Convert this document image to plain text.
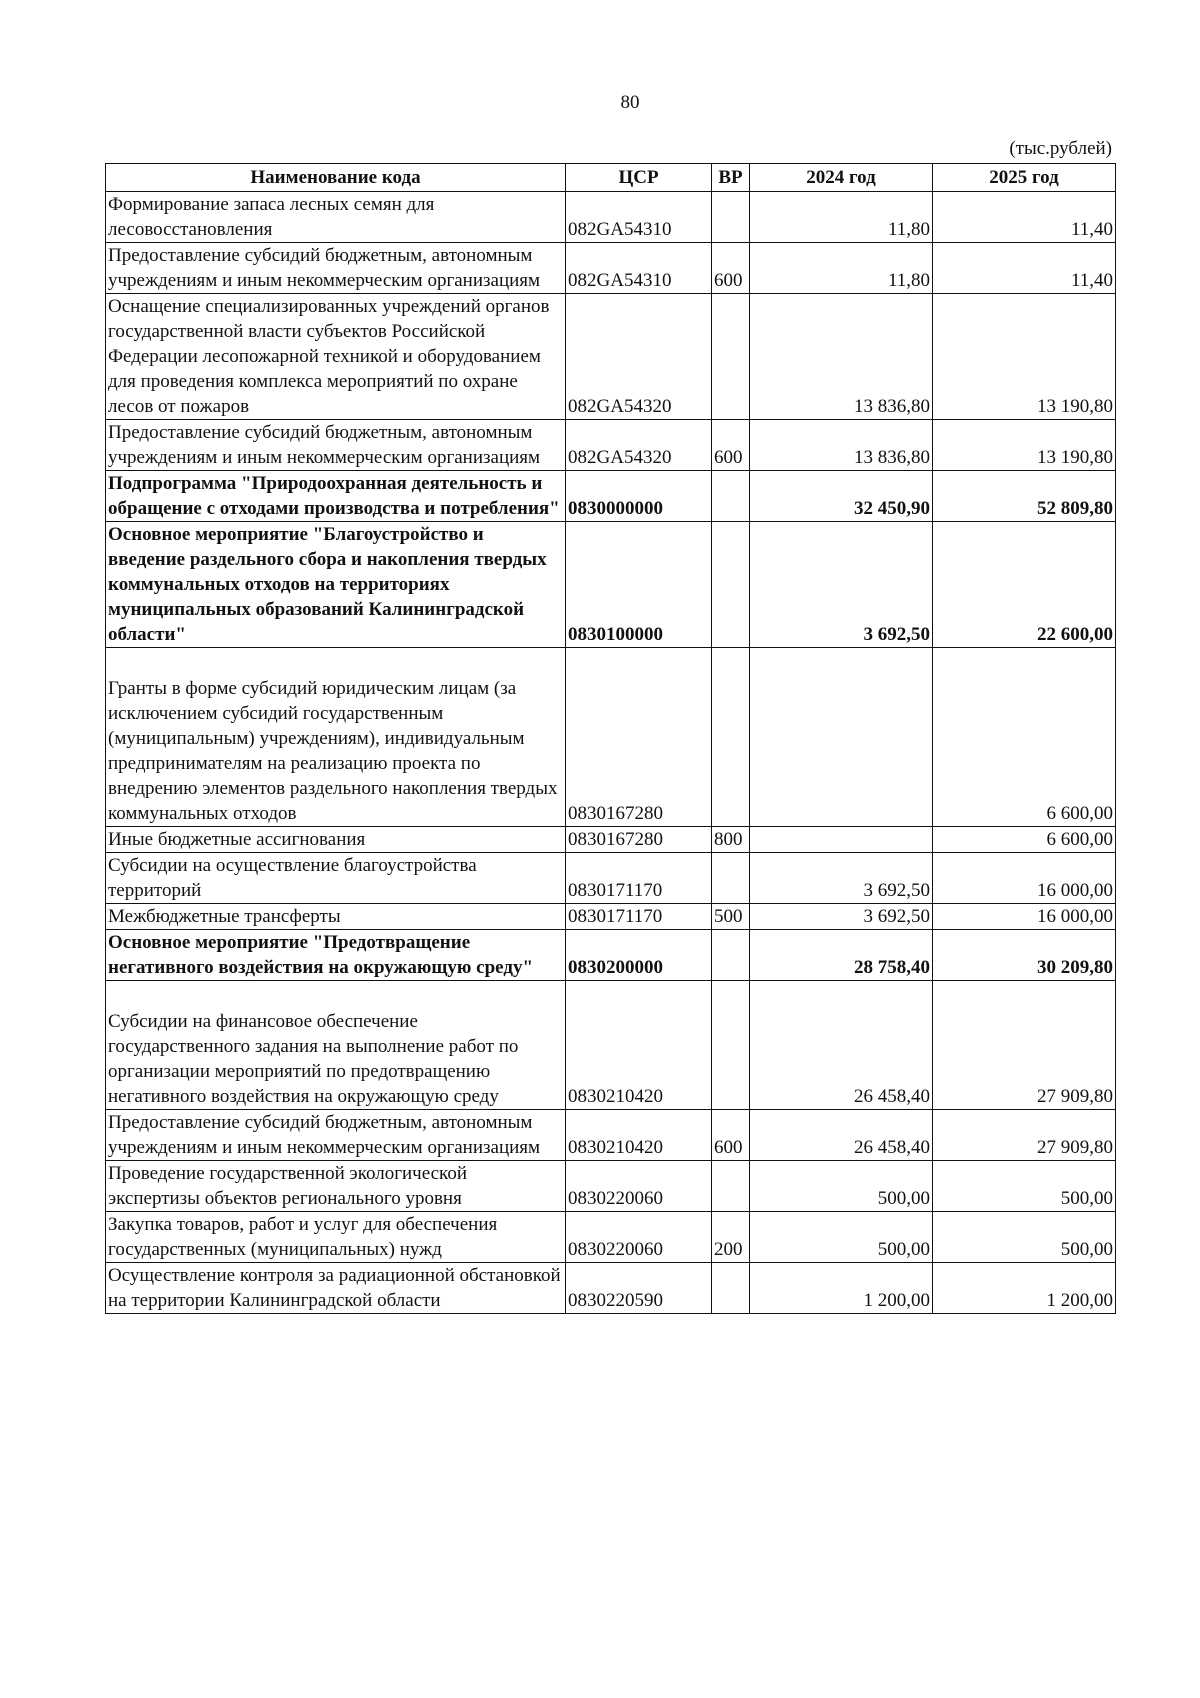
80
(тыс.рублей)
Наименование кода	ЦСР	ВР	2024 год	2025 год
Формирование запаса лесных семян для лесовосстановления	082GA54310		11,80	11,40
Предоставление субсидий бюджетным, автономным учреждениям и иным некоммерческим организациям	082GA54310	600	11,80	11,40
Оснащение специализированных учреждений органов государственной власти субъектов Российской Федерации лесопожарной техникой и оборудованием для проведения комплекса мероприятий по охране лесов от пожаров	082GA54320		13 836,80	13 190,80
Предоставление субсидий бюджетным, автономным учреждениям и иным некоммерческим организациям	082GA54320	600	13 836,80	13 190,80
Подпрограмма "Природоохранная деятельность и обращение с отходами производства и потребления"	0830000000		32 450,90	52 809,80
Основное мероприятие "Благоустройство и введение раздельного сбора и накопления твердых коммунальных отходов на территориях муниципальных образований Калининградской области"	0830100000		3 692,50	22 600,00
Гранты в форме субсидий юридическим лицам (за исключением субсидий государственным (муниципальным) учреждениям), индивидуальным предпринимателям на реализацию проекта по внедрению элементов раздельного накопления твердых коммунальных отходов	0830167280			6 600,00
Иные бюджетные ассигнования	0830167280	800		6 600,00
Субсидии на осуществление благоустройства территорий	0830171170		3 692,50	16 000,00
Межбюджетные трансферты	0830171170	500	3 692,50	16 000,00
Основное мероприятие "Предотвращение негативного воздействия на окружающую среду"	0830200000		28 758,40	30 209,80
Субсидии на финансовое обеспечение государственного задания на выполнение работ по организации мероприятий по предотвращению негативного воздействия на окружающую среду	0830210420		26 458,40	27 909,80
Предоставление субсидий бюджетным, автономным учреждениям и иным некоммерческим организациям	0830210420	600	26 458,40	27 909,80
Проведение государственной экологической экспертизы объектов регионального уровня	0830220060		500,00	500,00
Закупка товаров, работ и услуг для обеспечения государственных (муниципальных) нужд	0830220060	200	500,00	500,00
Осуществление контроля за радиационной обстановкой на территории Калининградской области	0830220590		1 200,00	1 200,00
